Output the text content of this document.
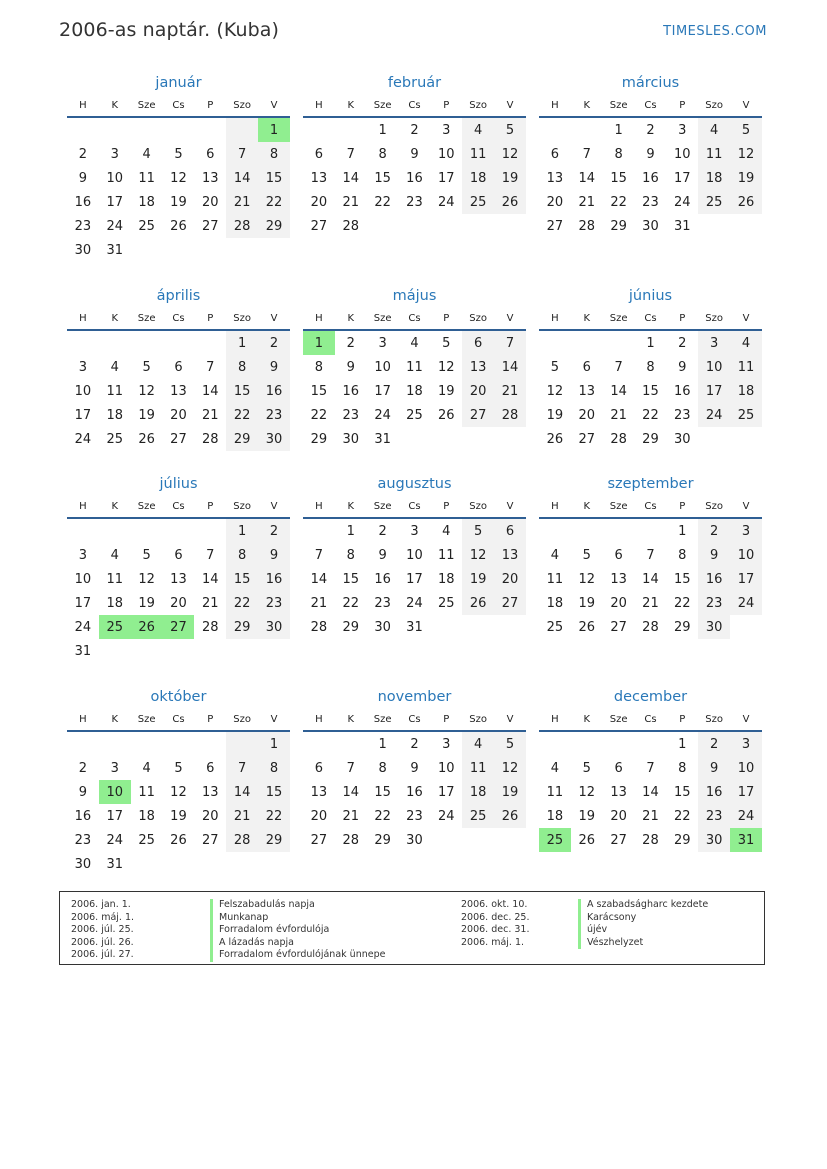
2006-as naptár. (Kuba)	TIMESLES.COM
január
H	K	Sze	Cs	P	Szo	V
						1
2	3	4	5	6	7	8
9	10	11	12	13	14	15
16	17	18	19	20	21	22
23	24	25	26	27	28	29
30	31					
február
H	K	Sze	Cs	P	Szo	V
		1	2	3	4	5
6	7	8	9	10	11	12
13	14	15	16	17	18	19
20	21	22	23	24	25	26
27	28					
március
H	K	Sze	Cs	P	Szo	V
		1	2	3	4	5
6	7	8	9	10	11	12
13	14	15	16	17	18	19
20	21	22	23	24	25	26
27	28	29	30	31		
április
H	K	Sze	Cs	P	Szo	V
					1	2
3	4	5	6	7	8	9
10	11	12	13	14	15	16
17	18	19	20	21	22	23
24	25	26	27	28	29	30
május
H	K	Sze	Cs	P	Szo	V
1	2	3	4	5	6	7
8	9	10	11	12	13	14
15	16	17	18	19	20	21
22	23	24	25	26	27	28
29	30	31				
június
H	K	Sze	Cs	P	Szo	V
			1	2	3	4
5	6	7	8	9	10	11
12	13	14	15	16	17	18
19	20	21	22	23	24	25
26	27	28	29	30		
július
H	K	Sze	Cs	P	Szo	V
					1	2
3	4	5	6	7	8	9
10	11	12	13	14	15	16
17	18	19	20	21	22	23
24	25	26	27	28	29	30
31						
augusztus
H	K	Sze	Cs	P	Szo	V
	1	2	3	4	5	6
7	8	9	10	11	12	13
14	15	16	17	18	19	20
21	22	23	24	25	26	27
28	29	30	31			
szeptember
H	K	Sze	Cs	P	Szo	V
				1	2	3
4	5	6	7	8	9	10
11	12	13	14	15	16	17
18	19	20	21	22	23	24
25	26	27	28	29	30	
október
H	K	Sze	Cs	P	Szo	V
						1
2	3	4	5	6	7	8
9	10	11	12	13	14	15
16	17	18	19	20	21	22
23	24	25	26	27	28	29
30	31					
november
H	K	Sze	Cs	P	Szo	V
		1	2	3	4	5
6	7	8	9	10	11	12
13	14	15	16	17	18	19
20	21	22	23	24	25	26
27	28	29	30			
december
H	K	Sze	Cs	P	Szo	V
				1	2	3
4	5	6	7	8	9	10
11	12	13	14	15	16	17
18	19	20	21	22	23	24
25	26	27	28	29	30	31
2006. jan. 1.	Felszabadulás napja
2006. máj. 1.	Munkanap
2006. júl. 25.	Forradalom évfordulója
2006. júl. 26.	A lázadás napja
2006. júl. 27.	Forradalom évfordulójának ünnepe
2006. okt. 10.	A szabadságharc kezdete
2006. dec. 25.	Karácsony
2006. dec. 31.	újév
2006. máj. 1.	Vészhelyzet
